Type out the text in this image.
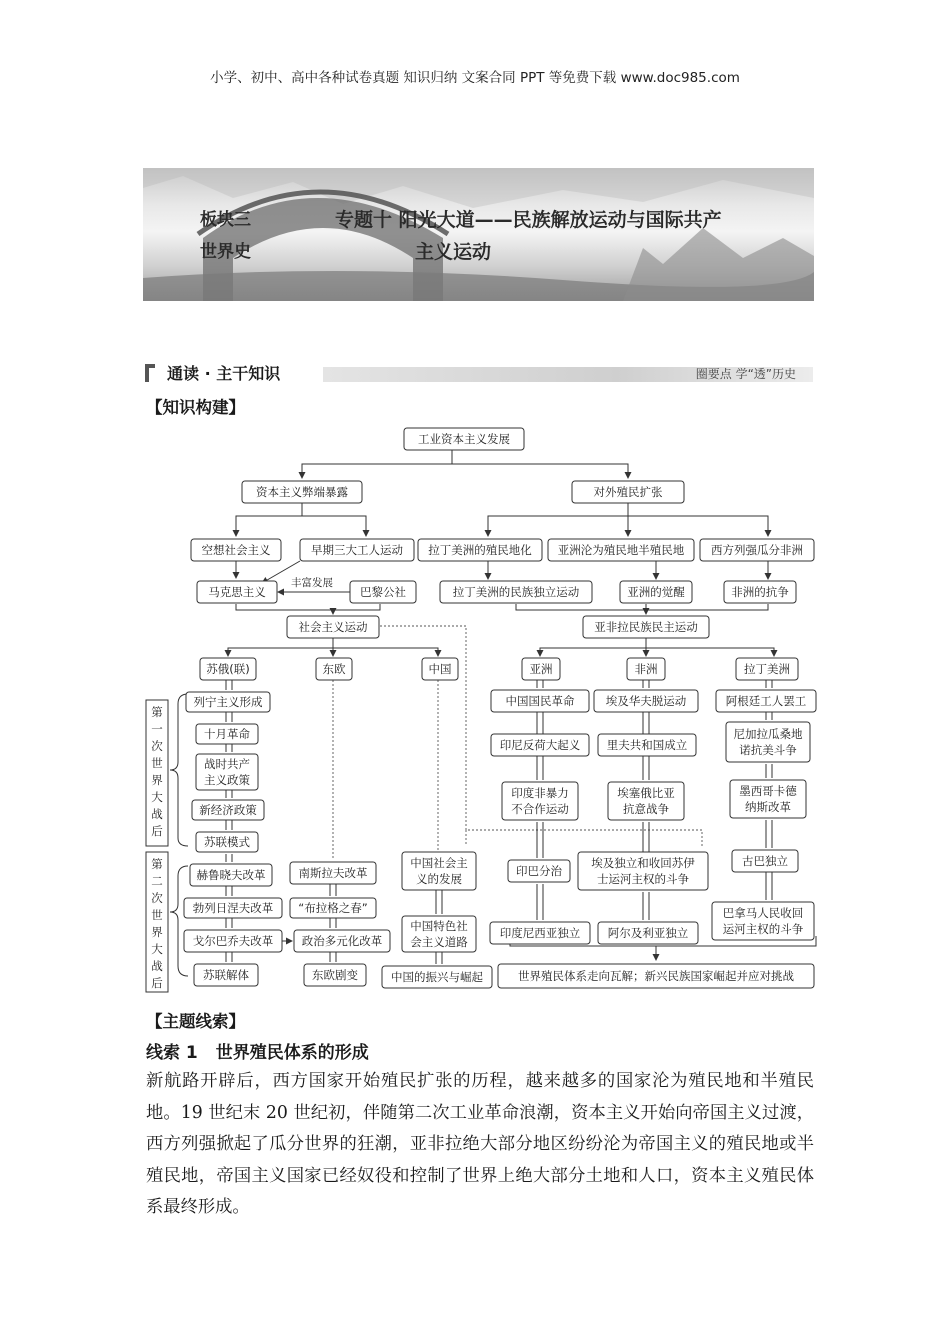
小学、初中、高中各种试卷真题 知识归纳 文案合同 PPT 等免费下载 www.doc985.com
板块三
世界史
专题十 阳光大道——民族解放运动与国际共产
主义运动
通读 · 主干知识	圈要点 学“透”历史
【知识构建】
第
一
次
世
界
大
战
后
第
二
次
世
界
大
战
后
工业资本主义发展
资本主义弊端暴露	对外殖民扩张
空想社会主义	早期三大工人运动 拉丁美洲的殖民地化 亚洲沦为殖民地半殖民地 西方列强瓜分非洲
马克思主义
丰富发展
巴黎公社	拉丁美洲的民族独立运动	亚洲的觉醒	非洲的抗争
社会主义运动	亚非拉民族民主运动
苏俄(联)	东欧	中国	亚洲	非洲	拉丁美洲
列宁主义形成
十月革命
战时共产
主义政策
新经济政策
苏联模式
赫鲁晓夫改革
勃列日涅夫改革
戈尔巴乔夫改革
苏联解体
南斯拉夫改革
“布拉格之春”
政治多元化改革
东欧剧变
中国社会主
义的发展
中国特色社
会主义道路
中国的振兴与崛起
中国国民革命
印尼反荷大起义
印度非暴力
不合作运动
印巴分治
印度尼西亚独立
埃及华夫脱运动
里夫共和国成立
埃塞俄比亚
抗意战争
埃及独立和收回苏伊
士运河主权的斗争
阿尔及利亚独立
阿根廷工人罢工
尼加拉瓜桑地
诺抗美斗争
墨西哥卡德
纳斯改革
古巴独立
巴拿马人民收回
运河主权的斗争
世界殖民体系走向瓦解；新兴民族国家崛起并应对挑战
【主题线索】
线索 1 世界殖民体系的形成

新航路开辟后，西方国家开始殖民扩张的历程，越来越多的国家沦为殖民地和半殖民地。19 世纪末 20 世纪初，伴随第二次工业革命浪潮，资本主义开始向帝国主义过渡，西方列强掀起了瓜分世界的狂潮，亚非拉绝大部分地区纷纷沦为帝国主义的殖民地或半殖民地，帝国主义国家已经奴役和控制了世界上绝大部分土地和人口，资本主义殖民体系最终形成。
